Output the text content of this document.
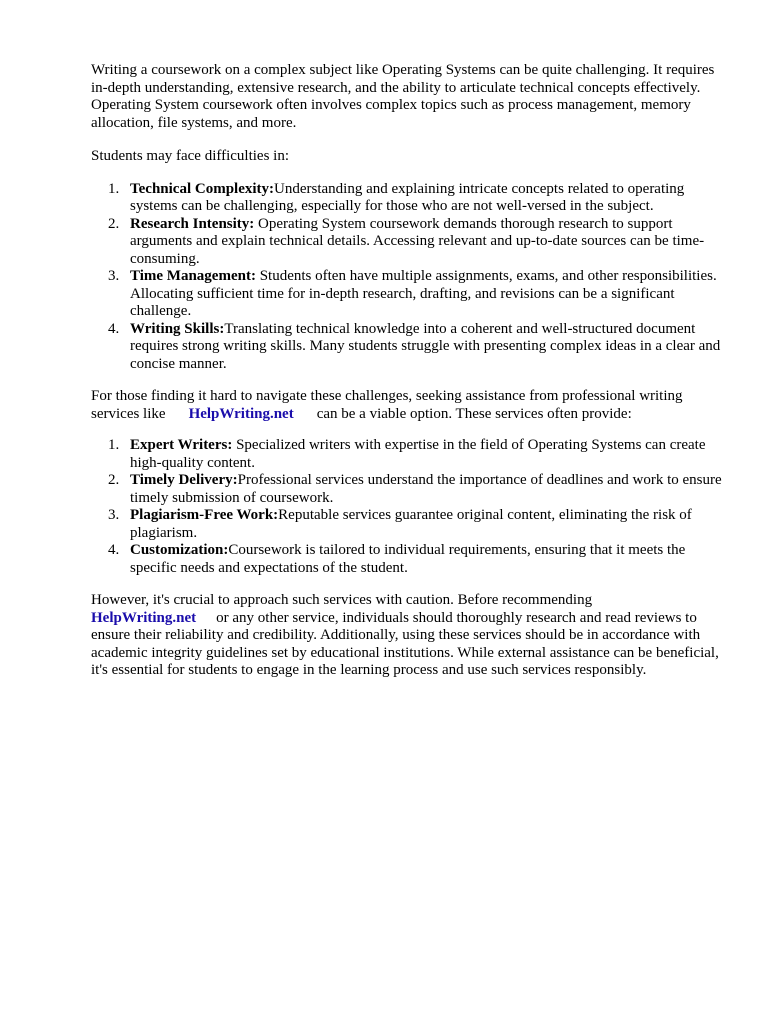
Writing a coursework on a complex subject like Operating Systems can be quite challenging. It requires in-depth understanding, extensive research, and the ability to articulate technical concepts effectively. Operating System coursework often involves complex topics such as process management, memory allocation, file systems, and more.

Students may face difficulties in:

1. Technical Complexity:Understanding and explaining intricate concepts related to operating systems can be challenging, especially for those who are not well-versed in the subject.
2. Research Intensity: Operating System coursework demands thorough research to support arguments and explain technical details. Accessing relevant and up-to-date sources can be time-consuming.
3. Time Management: Students often have multiple assignments, exams, and other responsibilities. Allocating sufficient time for in-depth research, drafting, and revisions can be a significant challenge.
4. Writing Skills:Translating technical knowledge into a coherent and well-structured document requires strong writing skills. Many students struggle with presenting complex ideas in a clear and concise manner.

For those finding it hard to navigate these challenges, seeking assistance from professional writing services like HelpWriting.net can be a viable option. These services often provide:

1. Expert Writers: Specialized writers with expertise in the field of Operating Systems can create high-quality content.
2. Timely Delivery:Professional services understand the importance of deadlines and work to ensure timely submission of coursework.
3. Plagiarism-Free Work:Reputable services guarantee original content, eliminating the risk of plagiarism.
4. Customization:Coursework is tailored to individual requirements, ensuring that it meets the specific needs and expectations of the student.

However, it's crucial to approach such services with caution. Before recommending
HelpWriting.net or any other service, individuals should thoroughly research and read reviews to ensure their reliability and credibility. Additionally, using these services should be in accordance with academic integrity guidelines set by educational institutions. While external assistance can be beneficial, it's essential for students to engage in the learning process and use such services responsibly.
